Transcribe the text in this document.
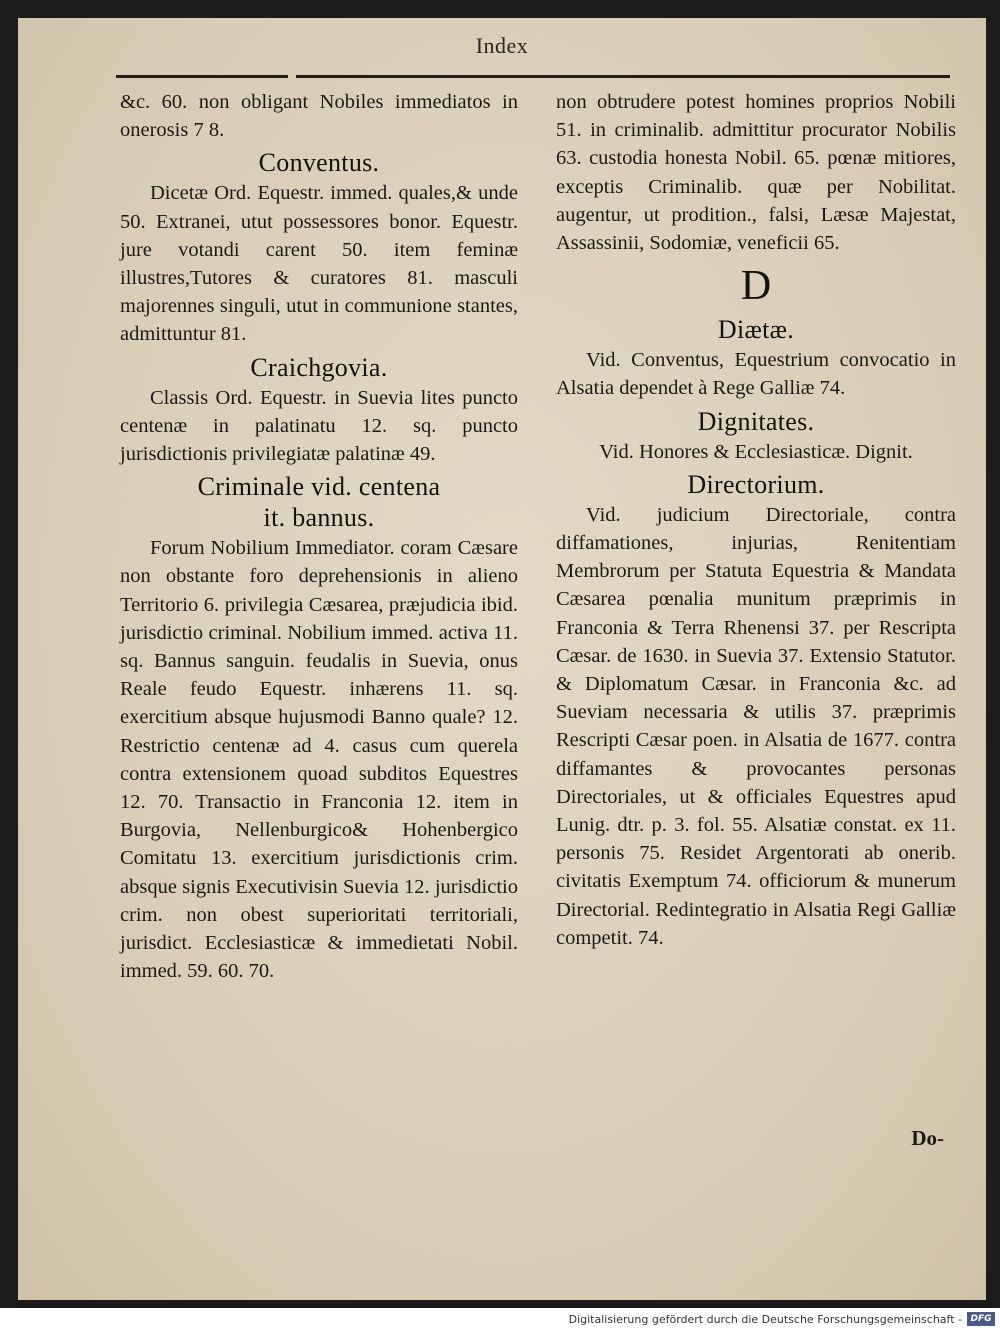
Index

&c. 60. non obligant Nobiles immediatos in onerosis 7 8.

Conventus.

Dicetæ Ord. Equestr. immed. quales,& unde 50. Extranei, utut possessores bonor. Equestr. jure votandi carent 50. item feminæ illustres,Tutores & curatores 81. masculi majorennes singuli, utut in communione stantes, admittuntur 81.

Craichgovia.

Classis Ord. Equestr. in Suevia lites puncto centenæ in palatinatu 12. sq. puncto jurisdictionis privilegiatæ palatinæ 49.

Criminale vid. centena
it. bannus.

Forum Nobilium Immediator. coram Cæsare non obstante foro deprehensionis in alieno Territorio 6. privilegia Cæsarea, præjudicia ibid. jurisdictio criminal. Nobilium immed. activa 11. sq. Bannus sanguin. feudalis in Suevia, onus Reale feudo Equestr. inhærens 11. sq. exercitium absque hujusmodi Banno quale? 12. Restrictio centenæ ad 4. casus cum querela contra extensionem quoad subditos Equestres 12. 70. Transactio in Franconia 12. item in Burgovia, Nellenburgico& Hohenbergico Comitatu 13. exercitium jurisdictionis crim. absque signis Executivisin Suevia 12. jurisdictio crim. non obest superioritati territoriali, jurisdict. Ecclesiasticæ & immedietati Nobil. immed. 59. 60. 70.

non obtrudere potest homines proprios Nobili 51. in criminalib. admittitur procurator Nobilis 63. custodia honesta Nobil. 65. pœnæ mitiores, exceptis Criminalib. quæ per Nobilitat. augentur, ut prodition., falsi, Læsæ Majestat, Assassinii, Sodomiæ, veneficii 65.

D
Diætæ.

Vid. Conventus, Equestrium convocatio in Alsatia dependet à Rege Galliæ 74.

Dignitates.

Vid. Honores & Ecclesiasticæ. Dignit.

Directorium.

Vid. judicium Directoriale, contra diffamationes, injurias, Renitentiam Membrorum per Statuta Equestria & Mandata Cæsarea pœnalia munitum præprimis in Franconia & Terra Rhenensi 37. per Rescripta Cæsar. de 1630. in Suevia 37. Extensio Statutor. & Diplomatum Cæsar. in Franconia &c. ad Sueviam necessaria & utilis 37. præprimis Rescripti Cæsar poen. in Alsatia de 1677. contra diffamantes & provocantes personas Directoriales, ut & officiales Equestres apud Lunig. dtr. p. 3. fol. 55. Alsatiæ constat. ex 11. personis 75. Residet Argentorati ab onerib. civitatis Exemptum 74. officiorum & munerum Directorial. Redintegratio in Alsatia Regi Galliæ competit. 74.

Do-
Digitalisierung gefördert durch die Deutsche Forschungsgemeinschaft - DFG
